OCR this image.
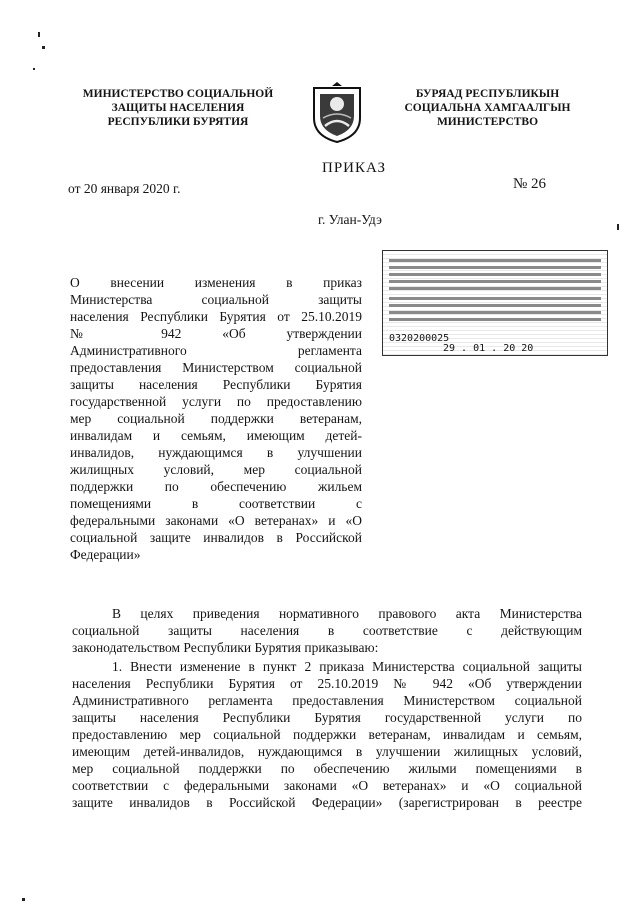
МИНИСТЕРСТВО СОЦИАЛЬНОЙ
ЗАЩИТЫ НАСЕЛЕНИЯ
РЕСПУБЛИКИ БУРЯТИЯ
БУРЯАД РЕСПУБЛИКЫН
СОЦИАЛЬНА ХАМГААЛГЫН
МИНИСТЕРСТВО
ПРИКАЗ
от 20 января 2020 г.	№ 26
г. Улан-Удэ
О внесении изменения в приказ
Министерства социальной защиты
населения Республики Бурятия от 25.10.2019
№ 942 «Об утверждении
Административного регламента
предоставления Министерством социальной
защиты населения Республики Бурятия
государственной услуги по предоставлению
мер социальной поддержки ветеранам,
инвалидам и семьям, имеющим детей-
инвалидов, нуждающимся в улучшении
жилищных условий, мер социальной
поддержки по обеспечению жильем
помещениями в соответствии с
федеральными законами «О ветеранах» и «О
социальной защите инвалидов в Российской
Федерации»
0320200025
29 . 01 . 20 20
В целях приведения нормативного правового акта Министерства
социальной защиты населения в соответствие с действующим
законодательством Республики Бурятия приказываю:
1. Внести изменение в пункт 2 приказа Министерства социальной защиты
населения Республики Бурятия от 25.10.2019 № 942 «Об утверждении
Административного регламента предоставления Министерством социальной
защиты населения Республики Бурятия государственной услуги по
предоставлению мер социальной поддержки ветеранам, инвалидам и семьям,
имеющим детей-инвалидов, нуждающимся в улучшении жилищных условий,
мер социальной поддержки по обеспечению жилыми помещениями в
соответствии с федеральными законами «О ветеранах» и «О социальной
защите инвалидов в Российской Федерации» (зарегистрирован в реестре
